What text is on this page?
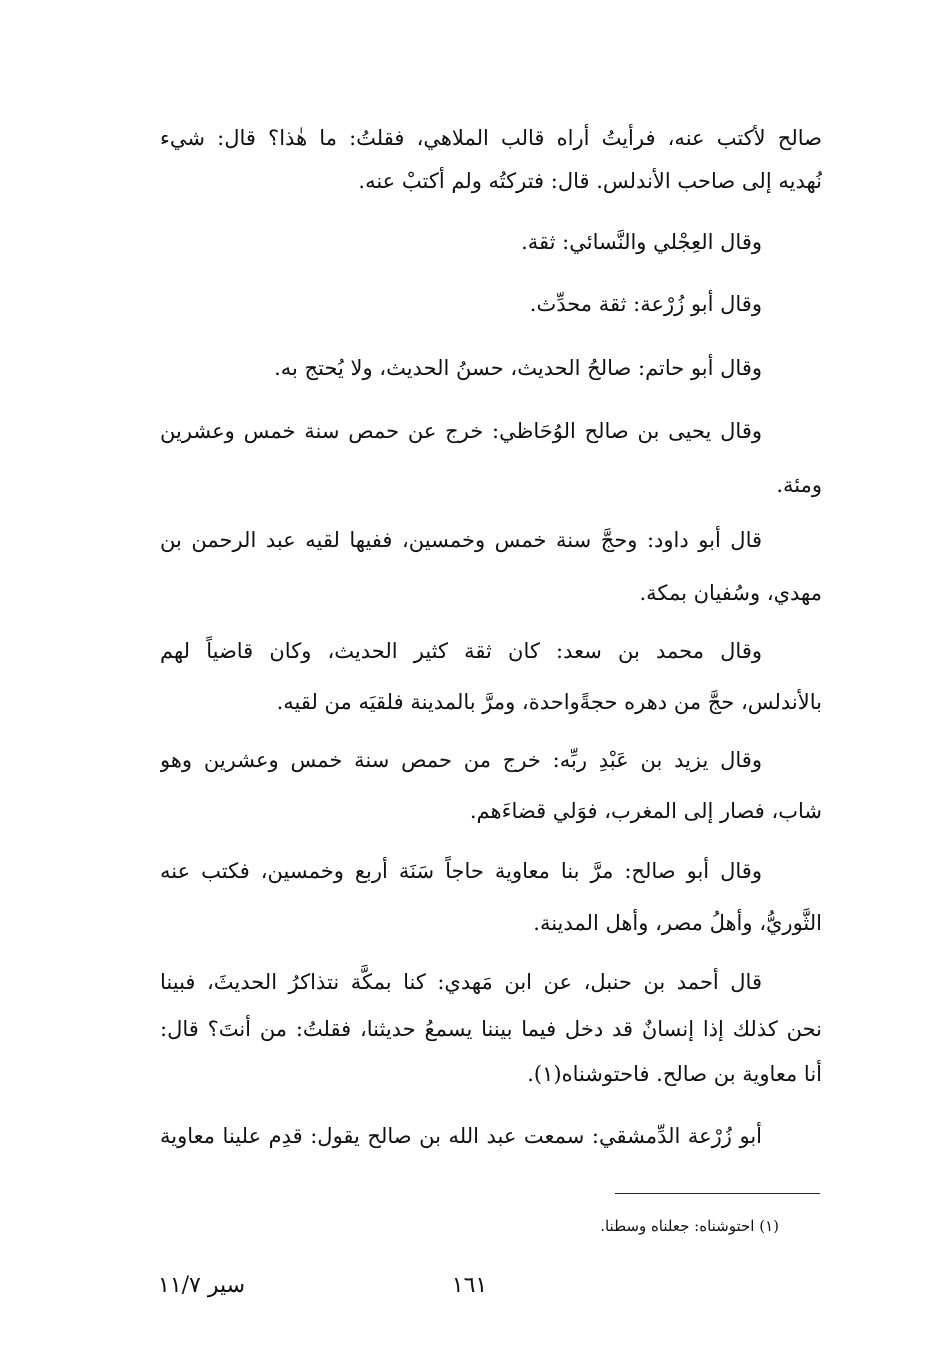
صالح لأكتب عنه، فرأيتُ أراه قالب الملاهي، فقلتُ: ما هٰذا؟ قال: شيء
نُهديه إلى صاحب الأندلس. قال: فتركتُه ولم أكتبْ عنه.
وقال العِجْلي والنَّسائي: ثقة.
وقال أبو زُرْعة: ثقة محدِّث.
وقال أبو حاتم: صالحُ الحديث، حسنُ الحديث، ولا يُحتج به.
وقال يحيى بن صالح الوُحَاظي: خرج عن حمص سنة خمس وعشرين
ومئة.
قال أبو داود: وحجَّ سنة خمس وخمسين، ففيها لقيه عبد الرحمن بن
مهدي، وسُفيان بمكة.
وقال محمد بن سعد: كان ثقة كثير الحديث، وكان قاضياً لهم
بالأندلس، حجَّ من دهره حجةًواحدة، ومرَّ بالمدينة فلقيَه من لقيه.
وقال يزيد بن عَبْدِ ربِّه: خرج من حمص سنة خمس وعشرين وهو
شاب، فصار إلى المغرب، فوَلي قضاءَهم.
وقال أبو صالح: مرَّ بنا معاوية حاجاً سَنَة أربع وخمسين، فكتب عنه
الثَّوريُّ، وأهلُ مصر، وأهل المدينة.
قال أحمد بن حنبل، عن ابن مَهدي: كنا بمكَّة نتذاكرُ الحديثَ، فبينا
نحن كذلك إذا إنسانٌ قد دخل فيما بيننا يسمعُ حديثنا، فقلتُ: من أنتَ؟ قال:
أنا معاوية بن صالح. فاحتوشناه(١).
أبو زُرْعة الدِّمشقي: سمعت عبد الله بن صالح يقول: قدِم علينا معاوية
(١) احتوشناه: جعلناه وسطنا.
١٦١
سير ١١/٧
